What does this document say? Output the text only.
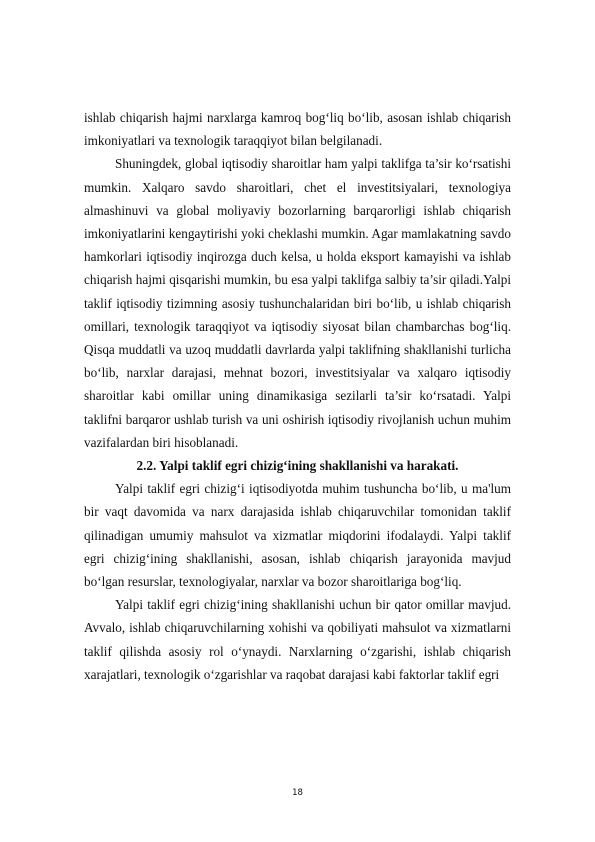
ishlab chiqarish hajmi narxlarga kamroq bog‘liq bo‘lib, asosan ishlab chiqarish imkoniyatlari va texnologik taraqqiyot bilan belgilanadi.

Shuningdek, global iqtisodiy sharoitlar ham yalpi taklifga ta’sir ko‘rsatishi mumkin. Xalqaro savdo sharoitlari, chet el investitsiyalari, texnologiya almashinuvi va global moliyaviy bozorlarning barqarorligi ishlab chiqarish imkoniyatlarini kengaytirishi yoki cheklashi mumkin. Agar mamlakatning savdo hamkorlari iqtisodiy inqirozga duch kelsa, u holda eksport kamayishi va ishlab chiqarish hajmi qisqarishi mumkin, bu esa yalpi taklifga salbiy ta’sir qiladi.Yalpi taklif iqtisodiy tizimning asosiy tushunchalaridan biri bo‘lib, u ishlab chiqarish omillari, texnologik taraqqiyot va iqtisodiy siyosat bilan chambarchas bog‘liq. Qisqa muddatli va uzoq muddatli davrlarda yalpi taklifning shakllanishi turlicha bo‘lib, narxlar darajasi, mehnat bozori, investitsiyalar va xalqaro iqtisodiy sharoitlar kabi omillar uning dinamikasiga sezilarli ta’sir ko‘rsatadi. Yalpi taklifni barqaror ushlab turish va uni oshirish iqtisodiy rivojlanish uchun muhim vazifalardan biri hisoblanadi.

2.2. Yalpi taklif egri chizig‘ining shakllanishi va harakati.

Yalpi taklif egri chizig‘i iqtisodiyotda muhim tushuncha bo‘lib, u ma'lum bir vaqt davomida va narx darajasida ishlab chiqaruvchilar tomonidan taklif qilinadigan umumiy mahsulot va xizmatlar miqdorini ifodalaydi. Yalpi taklif egri chizig‘ining shakllanishi, asosan, ishlab chiqarish jarayonida mavjud bo‘lgan resurslar, texnologiyalar, narxlar va bozor sharoitlariga bog‘liq.

Yalpi taklif egri chizig‘ining shakllanishi uchun bir qator omillar mavjud. Avvalo, ishlab chiqaruvchilarning xohishi va qobiliyati mahsulot va xizmatlarni taklif qilishda asosiy rol o‘ynaydi. Narxlarning o‘zgarishi, ishlab chiqarish xarajatlari, texnologik o‘zgarishlar va raqobat darajasi kabi faktorlar taklif egri

18
